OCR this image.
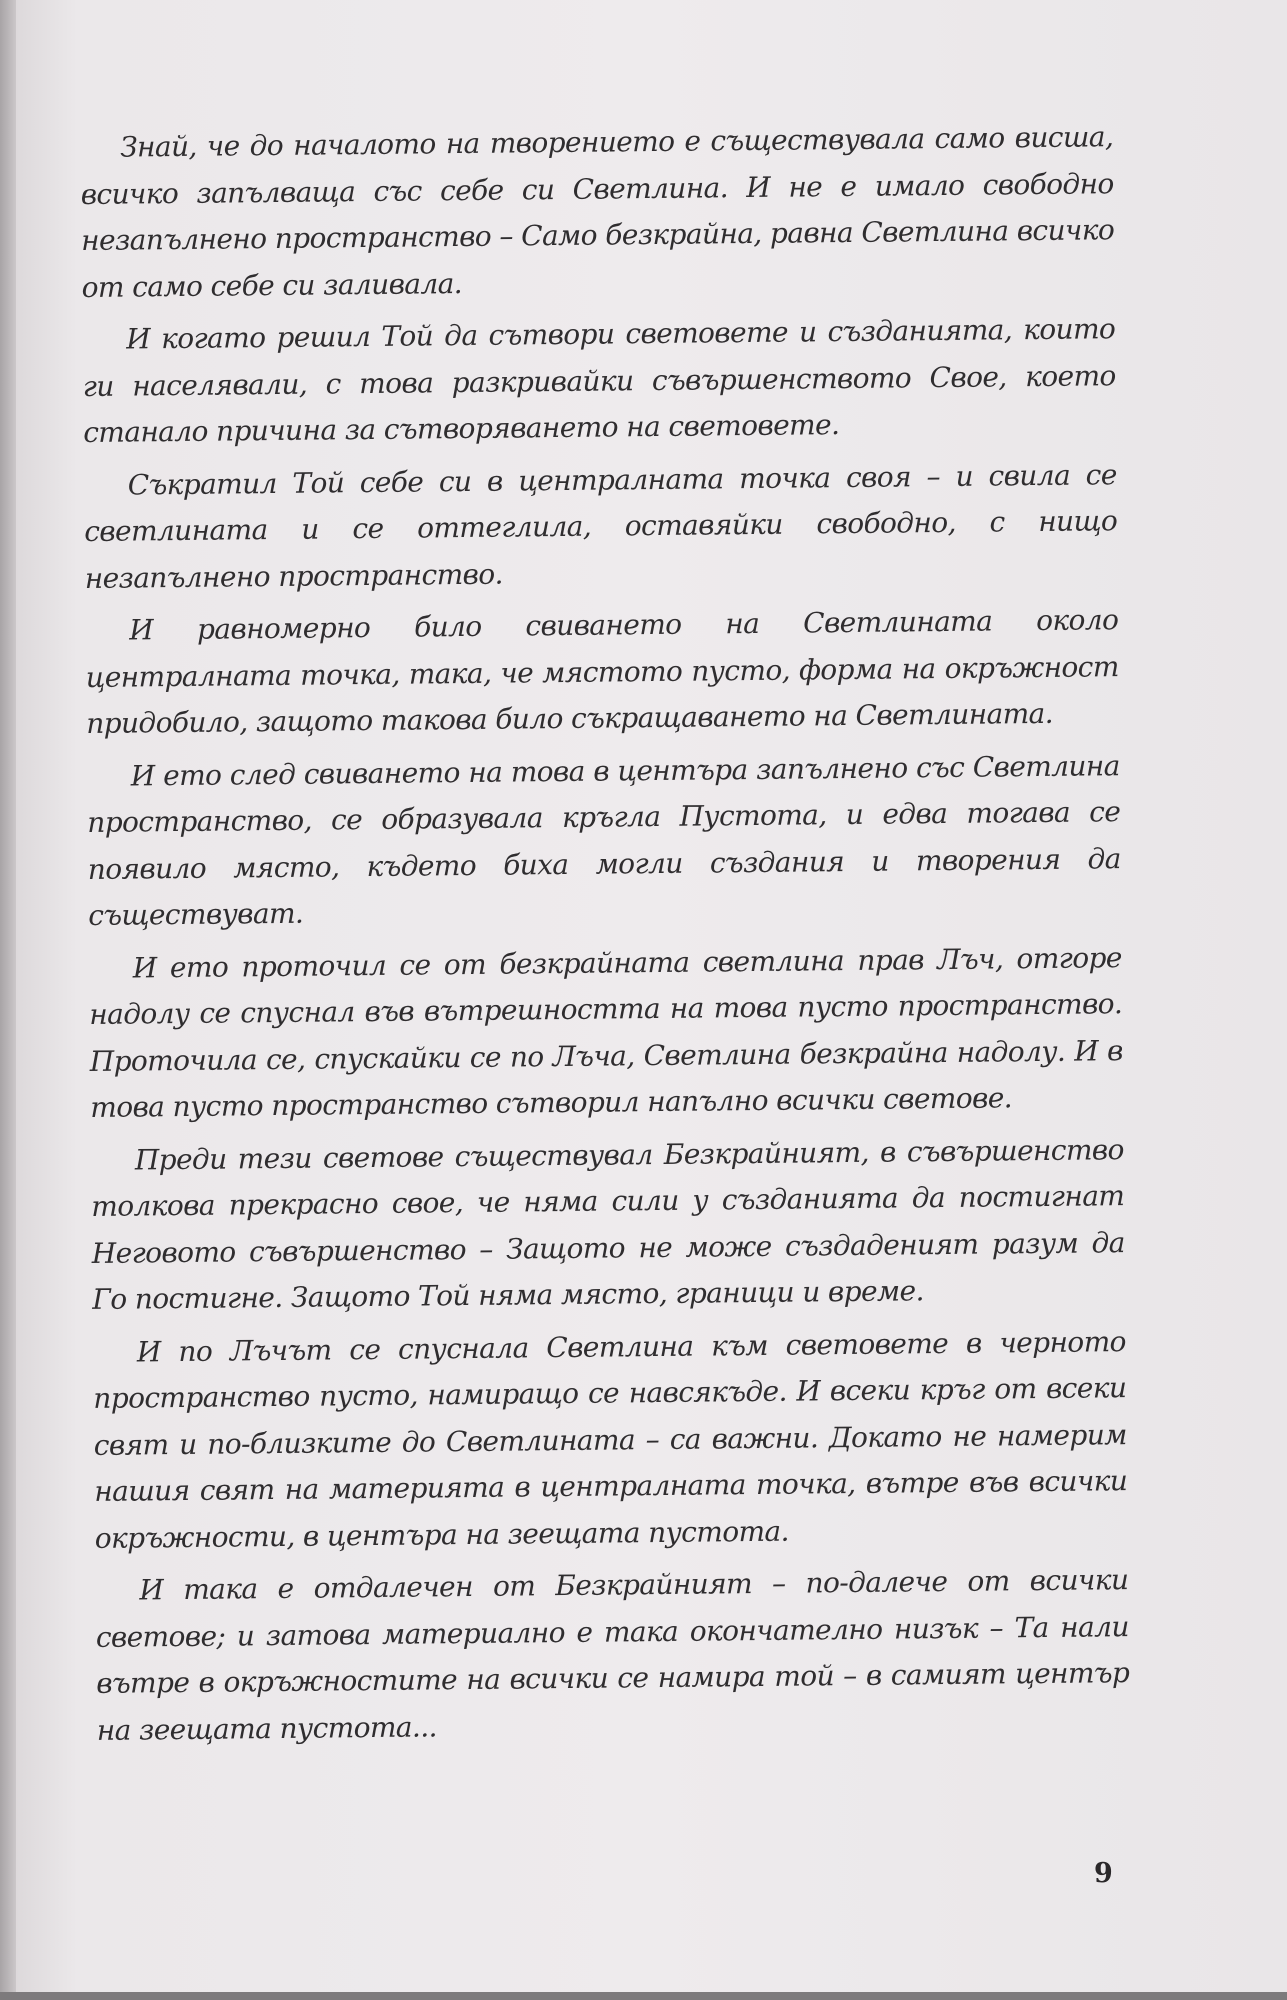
Знай, че до началото на творението е съществувала само висша, всичко запълваща със себе си Светлина. И не е имало свободно незапълнено пространство – Само безкрайна, равна Светлина всичко от само себе си заливала.

И когато решил Той да сътвори световете и създанията, които ги населявали, с това разкривайки съвършенството Свое, което станало причина за сътворяването на световете.

Съкратил Той себе си в централната точка своя – и свила се светлината и се оттеглила, оставяйки свободно, с нищо незапълнено пространство.

И равномерно било свиването на Светлината около централната точка, така, че мястото пусто, форма на окръжност придобило, защото такова било съкращаването на Светлината.

И ето след свиването на това в центъра запълнено със Светлина пространство, се образувала кръгла Пустота, и едва тогава се появило място, където биха могли създания и творения да съществуват.

И ето проточил се от безкрайната светлина прав Лъч, отгоре надолу се спуснал във вътрешността на това пусто пространство. Проточила се, спускайки се по Лъча, Светлина безкрайна надолу. И в това пусто пространство сътворил напълно всички светове.

Преди тези светове съществувал Безкрайният, в съвършенство толкова прекрасно свое, че няма сили у създанията да постигнат Неговото съвършенство – Защото не може създаденият разум да Го постигне. Защото Той няма място, граници и време.

И по Лъчът се спуснала Светлина към световете в черното пространство пусто, намиращо се навсякъде. И всеки кръг от всеки свят и по-близките до Светлината – са важни. Докато не намерим нашия свят на материята в централната точка, вътре във всички окръжности, в центъра на зеещата пустота.

И така е отдалечен от Безкрайният – по-далече от всички светове; и затова материално е така окончателно низък – Та нали вътре в окръжностите на всички се намира той – в самият център на зеещата пустота...

9
